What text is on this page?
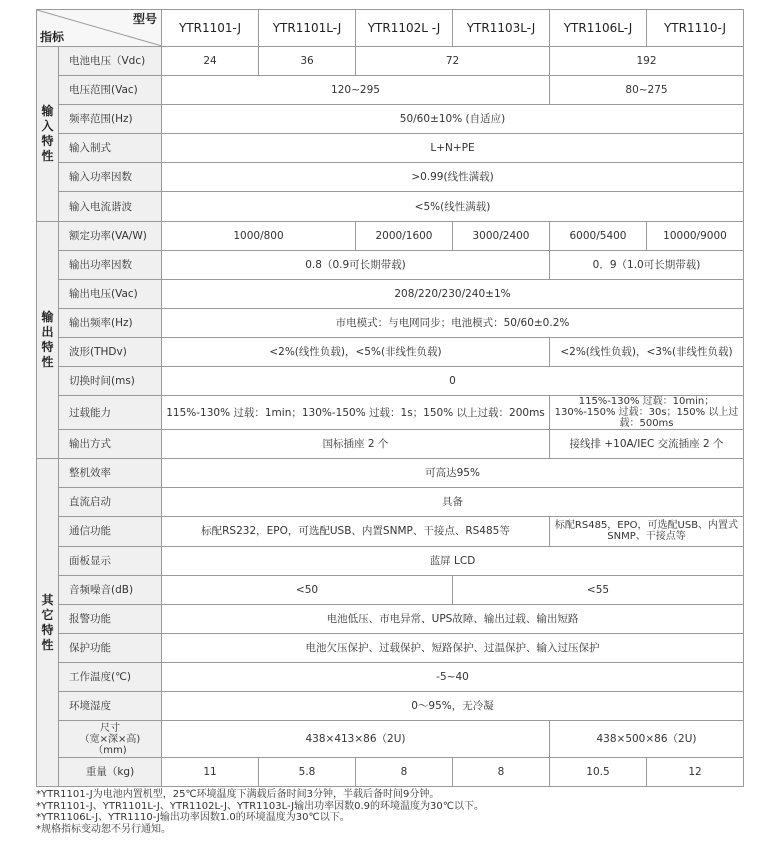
型号
指标		YTR1101-J	YTR1101L-J	YTR1102L -J	YTR1103L-J	YTR1106L-J	YTR1110-J
输入特性	电池电压（Vdc)	24	36	72		192	
	电压范围(Vac)	120~295				80~275	
	频率范围(Hz)	50/60±10% (自适应)					
	输入制式	L+N+PE					
	输入功率因数	>0.99(线性满载)					
	输入电流谐波	<5%(线性满载)					
输出特性	额定功率(VA/W)	1000/800		2000/1600	3000/2400	6000/5400	10000/9000
	输出功率因数	0.8（0.9可长期带载)				0．9（1.0可长期带载)	
	输出电压(Vac)	208/220/230/240±1%					
	输出频率(Hz)	市电模式：与电网同步；电池模式：50/60±0.2%					
	波形(THDv)	<2%(线性负载)，<5%(非线性负载)				<2%(线性负载)，<3%(非线性负载)	
	切换时间(ms)	0					
	过载能力	115%-130% 过载：1min；130%-150% 过载：1s；150% 以上过载：200ms				115%-130% 过载：10min；130%-150% 过载：30s；150% 以上过载：500ms	
	输出方式	国标插座 2 个				接线排 +10A/IEC 交流插座 2 个	
其它特性	整机效率	可高达95%					
	直流启动	具备					
	通信功能	标配RS232，EPO，可选配USB、内置SNMP、干接点、RS485等				标配RS485，EPO，可选配USB、内置式SNMP、干接点等	
	面板显示	蓝屏 LCD					
	音频噪音(dB)	<50			<55		
	报警功能	电池低压、市电异常、UPS故障、输出过载、输出短路					
	保护功能	电池欠压保护、过载保护、短路保护、过温保护、输入过压保护					
	工作温度(℃)	-5~40					
	环境湿度	0～95%，无冷凝					
	尺寸
（宽×深×高)
（mm)	438×413×86（2U)				438×500×86（2U)	
	重量（kg)	11	5.8	8	8	10.5	12
*YTR1101-J为电池内置机型，25℃环境温度下满载后备时间3分钟，半载后备时间9分钟。
*YTR1101-J、YTR1101L-J、YTR1102L-J、YTR1103L-J输出功率因数0.9的环境温度为30℃以下。
*YTR1106L-J、YTR1110-J输出功率因数1.0的环境温度为30℃以下。
*规格指标变动恕不另行通知。
